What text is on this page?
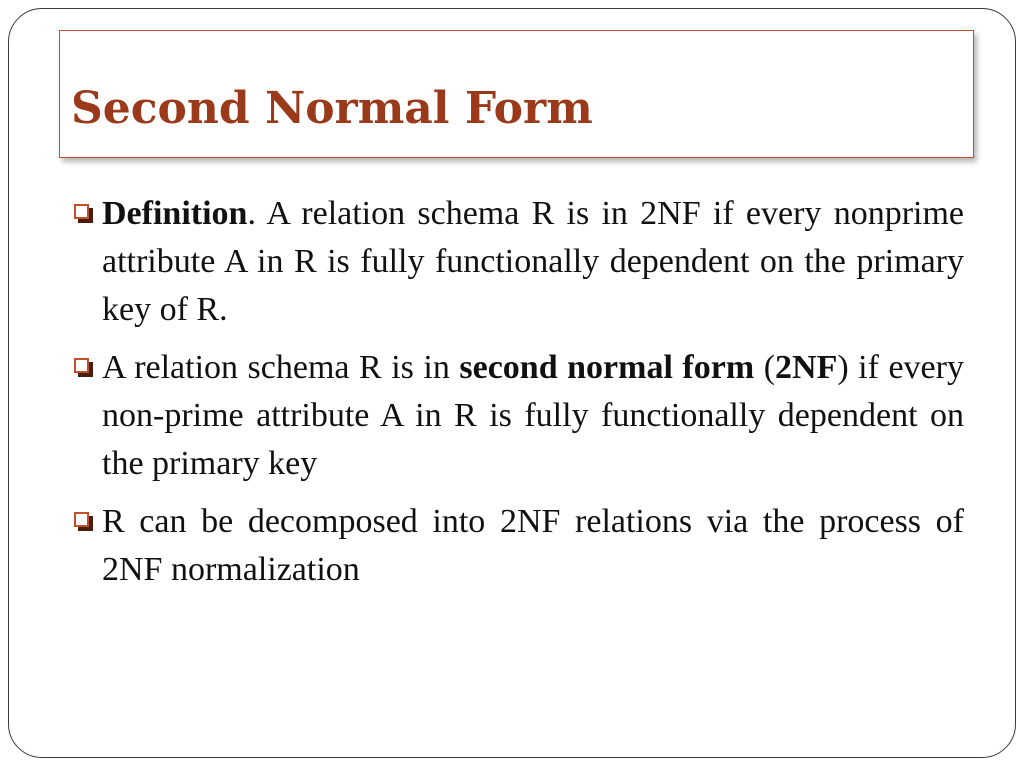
Second Normal Form
Definition. A relation schema R is in 2NF if every nonprime attribute A in R is fully functionally dependent on the primary key of R.
A relation schema R is in second normal form (2NF) if every non-prime attribute A in R is fully functionally dependent on the primary key
R can be decomposed into 2NF relations via the process of 2NF normalization
